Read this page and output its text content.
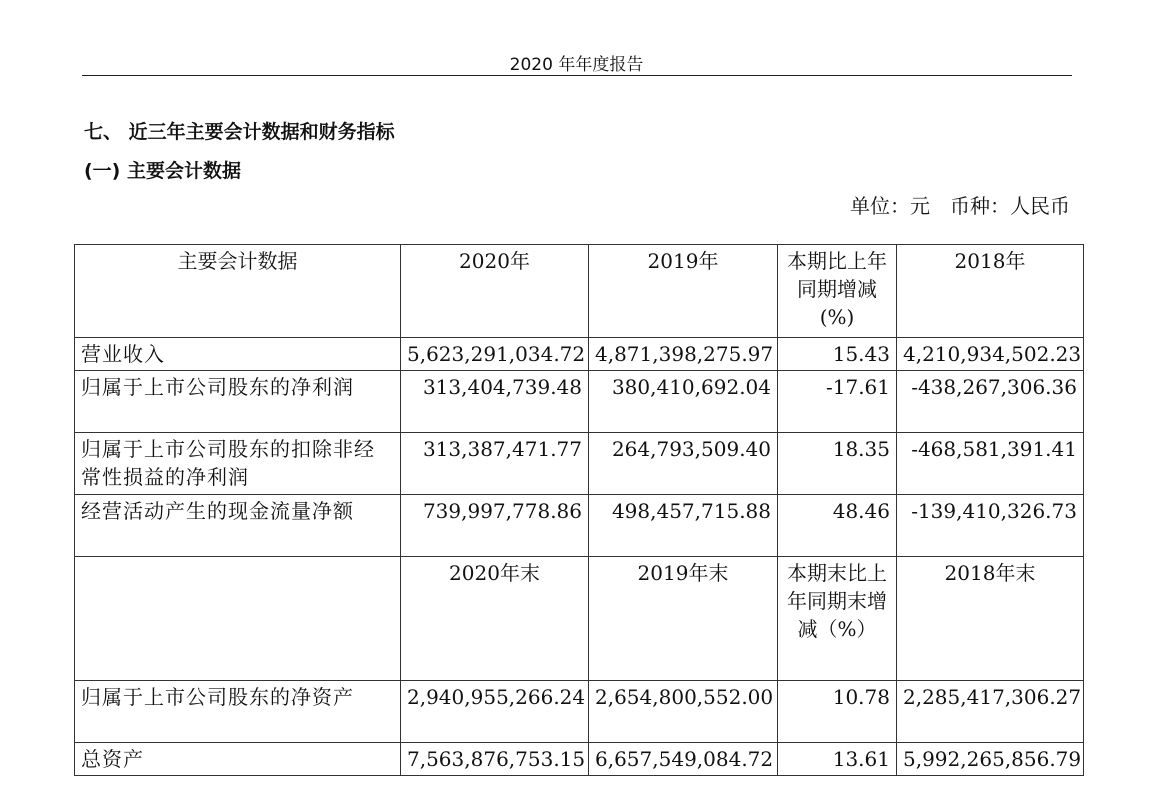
2020 年年度报告
七、 近三年主要会计数据和财务指标
(一) 主要会计数据
单位：元 币种：人民币
主要会计数据	2020年	2019年	本期比上年同期增减(%)	2018年
营业收入	5,623,291,034.72	4,871,398,275.97	15.43	4,210,934,502.23
归属于上市公司股东的净利润	313,404,739.48	380,410,692.04	-17.61	-438,267,306.36
归属于上市公司股东的扣除非经常性损益的净利润	313,387,471.77	264,793,509.40	18.35	-468,581,391.41
经营活动产生的现金流量净额	739,997,778.86	498,457,715.88	48.46	-139,410,326.73
	2020年末	2019年末	本期末比上年同期末增减（%）	2018年末
归属于上市公司股东的净资产	2,940,955,266.24	2,654,800,552.00	10.78	2,285,417,306.27
总资产	7,563,876,753.15	6,657,549,084.72	13.61	5,992,265,856.79
